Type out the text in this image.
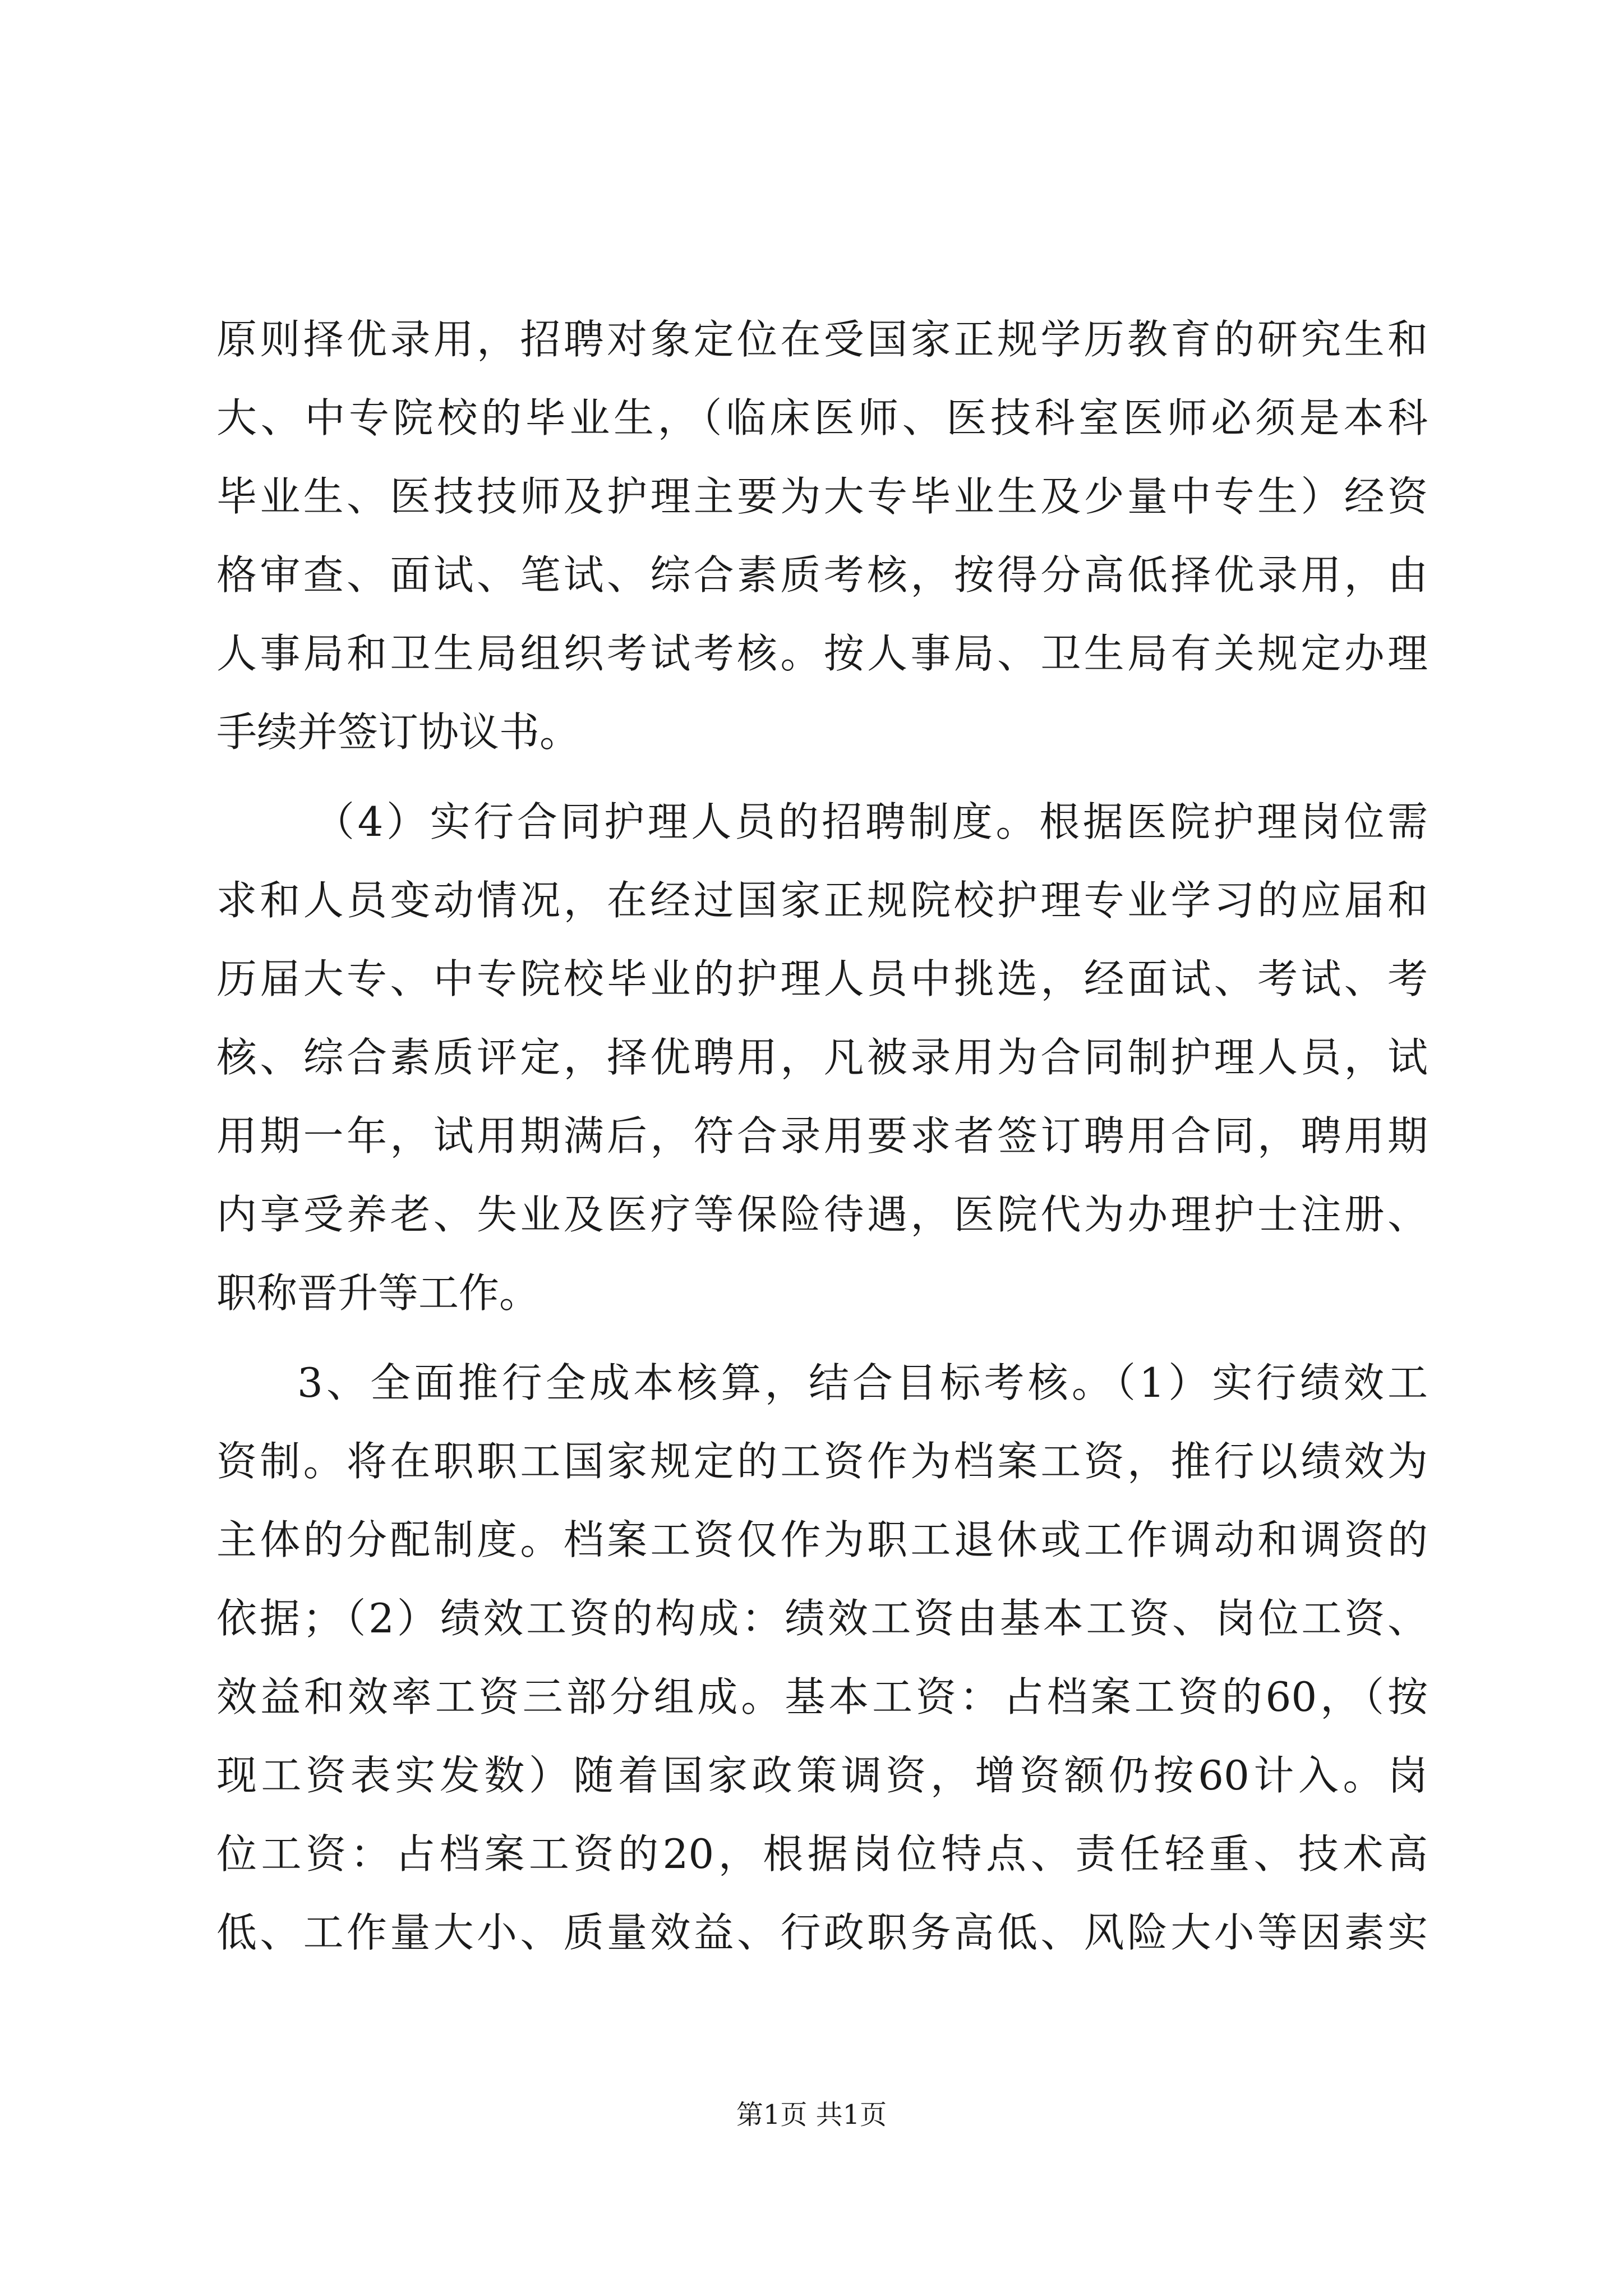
原则择优录用，招聘对象定位在受国家正规学历教育的研究生和
大、中专院校的毕业生，（临床医师、医技科室医师必须是本科
毕业生、医技技师及护理主要为大专毕业生及少量中专生）经资
格审查、面试、笔试、综合素质考核，按得分高低择优录用，由
人事局和卫生局组织考试考核。按人事局、卫生局有关规定办理
手续并签订协议书。
（4）实行合同护理人员的招聘制度。根据医院护理岗位需
求和人员变动情况，在经过国家正规院校护理专业学习的应届和
历届大专、中专院校毕业的护理人员中挑选，经面试、考试、考
核、综合素质评定，择优聘用，凡被录用为合同制护理人员，试
用期一年，试用期满后，符合录用要求者签订聘用合同，聘用期
内享受养老、失业及医疗等保险待遇，医院代为办理护士注册、
职称晋升等工作。
3、全面推行全成本核算，结合目标考核。（1）实行绩效工
资制。将在职职工国家规定的工资作为档案工资，推行以绩效为
主体的分配制度。档案工资仅作为职工退休或工作调动和调资的
依据；（2）绩效工资的构成：绩效工资由基本工资、岗位工资、
效益和效率工资三部分组成。基本工资：占档案工资的60，（按
现工资表实发数）随着国家政策调资，增资额仍按60计入。岗
位工资：占档案工资的20，根据岗位特点、责任轻重、技术高
低、工作量大小、质量效益、行政职务高低、风险大小等因素实
第1页 共1页
